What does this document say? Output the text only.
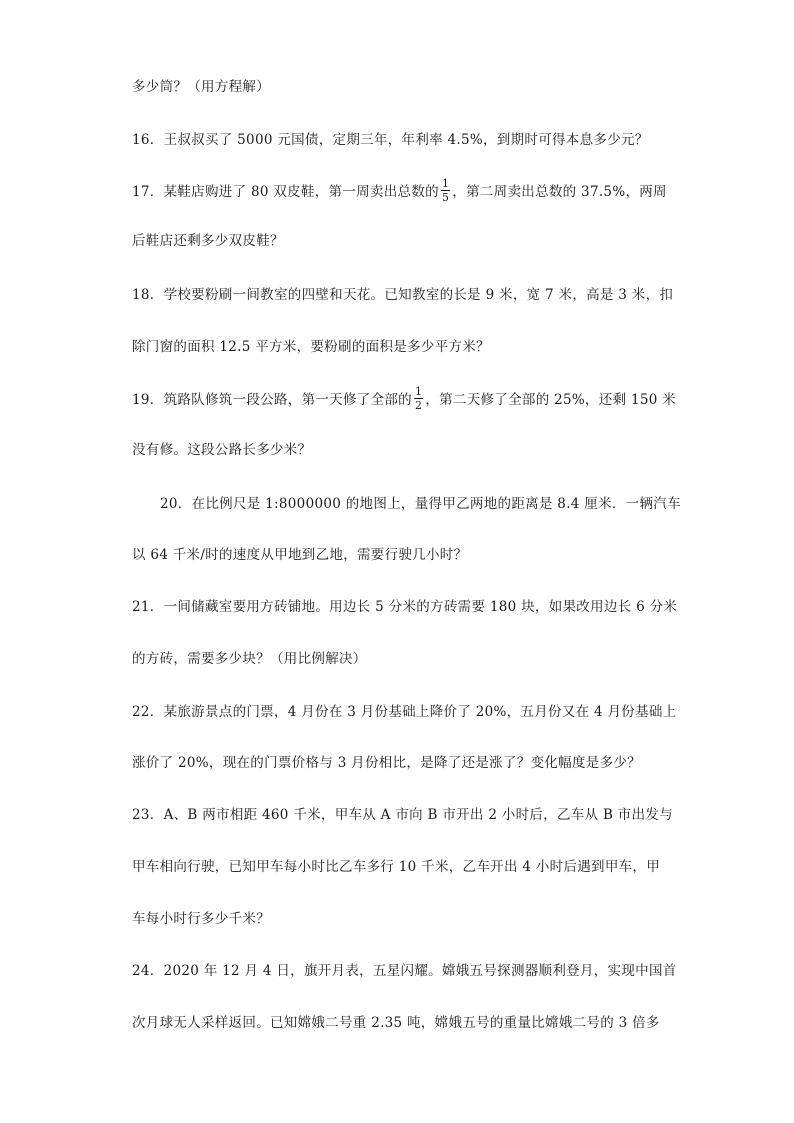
多少筒？（用方程解）
16．王叔叔买了 5000 元国债，定期三年，年利率 4.5%，到期时可得本息多少元？
17．某鞋店购进了 80 双皮鞋，第一周卖出总数的 $\frac{1}{5}$ ，第二周卖出总数的 37.5%，两周
后鞋店还剩多少双皮鞋？
18．学校要粉刷一间教室的四壁和天花。已知教室的长是 9 米，宽 7 米，高是 3 米，扣
除门窗的面积 12.5 平方米，要粉刷的面积是多少平方米？
19．筑路队修筑一段公路，第一天修了全部的 $\frac{1}{2}$ ，第二天修了全部的 25%，还剩 150 米
没有修。这段公路长多少米？
20．在比例尺是 1:8000000 的地图上，量得甲乙两地的距离是 8.4 厘米．一辆汽车
以 64 千米/时的速度从甲地到乙地，需要行驶几小时？
21．一间储藏室要用方砖铺地。用边长 5 分米的方砖需要 180 块，如果改用边长 6 分米
的方砖，需要多少块？（用比例解决）
22．某旅游景点的门票，4 月份在 3 月份基础上降价了 20%，五月份又在 4 月份基础上
涨价了 20%，现在的门票价格与 3 月份相比，是降了还是涨了？变化幅度是多少？
23．A、B 两市相距 460 千米，甲车从 A 市向 B 市开出 2 小时后，乙车从 B 市出发与
甲车相向行驶，已知甲车每小时比乙车多行 10 千米，乙车开出 4 小时后遇到甲车，甲
车每小时行多少千米？
24．2020 年 12 月 4 日，旗开月表，五星闪耀。嫦娥五号探测器顺利登月，实现中国首
次月球无人采样返回。已知嫦娥二号重 2.35 吨，嫦娥五号的重量比嫦娥二号的 3 倍多
